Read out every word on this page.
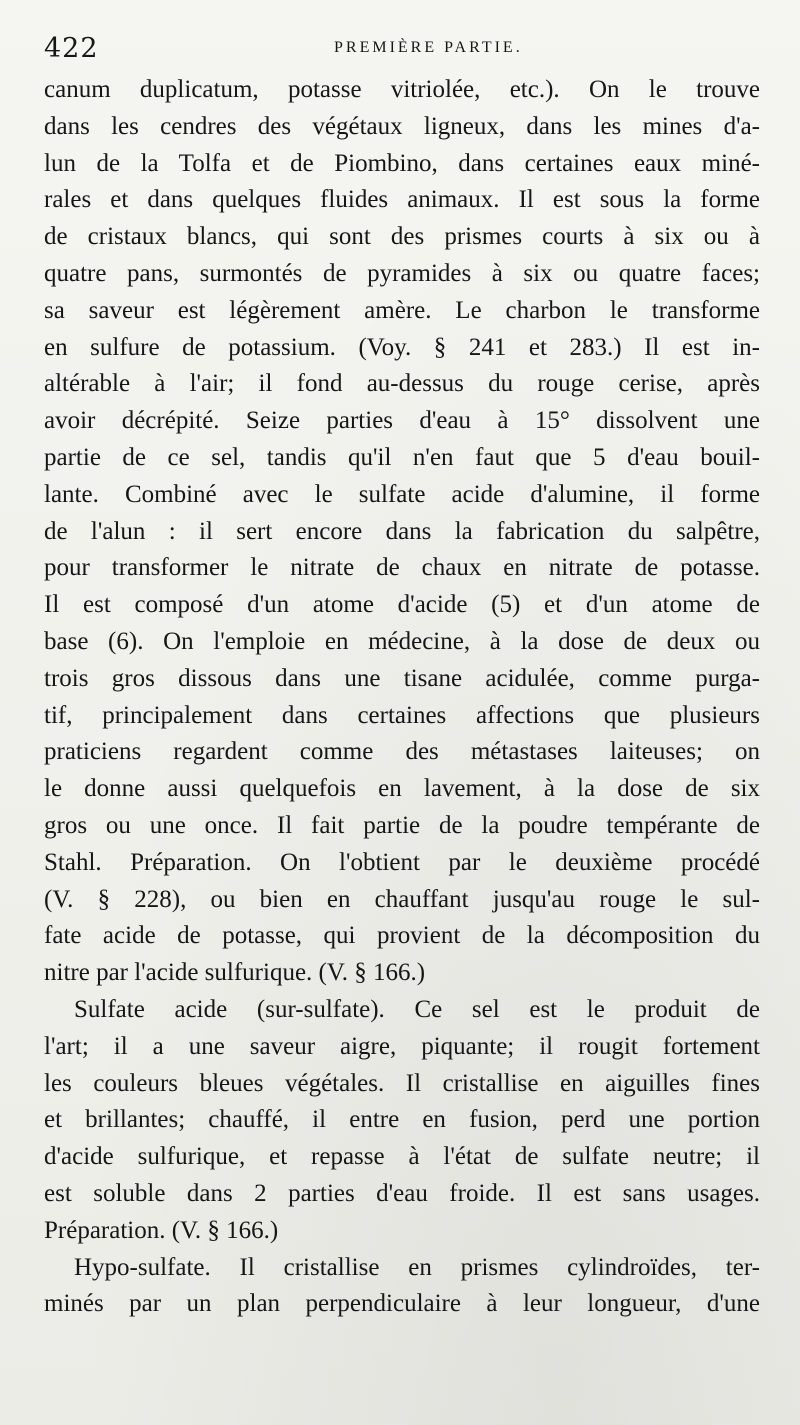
422	PREMIÈRE PARTIE.
canum duplicatum, potasse vitriolée, etc.). On le trouve
dans les cendres des végétaux ligneux, dans les mines d'a-
lun de la Tolfa et de Piombino, dans certaines eaux miné-
rales et dans quelques fluides animaux. Il est sous la forme
de cristaux blancs, qui sont des prismes courts à six ou à
quatre pans, surmontés de pyramides à six ou quatre faces;
sa saveur est légèrement amère. Le charbon le transforme
en sulfure de potassium. (Voy. § 241 et 283.) Il est in-
altérable à l'air; il fond au-dessus du rouge cerise, après
avoir décrépité. Seize parties d'eau à 15° dissolvent une
partie de ce sel, tandis qu'il n'en faut que 5 d'eau bouil-
lante. Combiné avec le sulfate acide d'alumine, il forme
de l'alun : il sert encore dans la fabrication du salpêtre,
pour transformer le nitrate de chaux en nitrate de potasse.
Il est composé d'un atome d'acide (5) et d'un atome de
base (6). On l'emploie en médecine, à la dose de deux ou
trois gros dissous dans une tisane acidulée, comme purga-
tif, principalement dans certaines affections que plusieurs
praticiens regardent comme des métastases laiteuses; on
le donne aussi quelquefois en lavement, à la dose de six
gros ou une once. Il fait partie de la poudre tempérante de
Stahl. Préparation. On l'obtient par le deuxième procédé
(V. § 228), ou bien en chauffant jusqu'au rouge le sul-
fate acide de potasse, qui provient de la décomposition du
nitre par l'acide sulfurique. (V. § 166.)
Sulfate acide (sur-sulfate). Ce sel est le produit de
l'art; il a une saveur aigre, piquante; il rougit fortement
les couleurs bleues végétales. Il cristallise en aiguilles fines
et brillantes; chauffé, il entre en fusion, perd une portion
d'acide sulfurique, et repasse à l'état de sulfate neutre; il
est soluble dans 2 parties d'eau froide. Il est sans usages.
Préparation. (V. § 166.)
Hypo-sulfate. Il cristallise en prismes cylindroïdes, ter-
minés par un plan perpendiculaire à leur longueur, d'une
